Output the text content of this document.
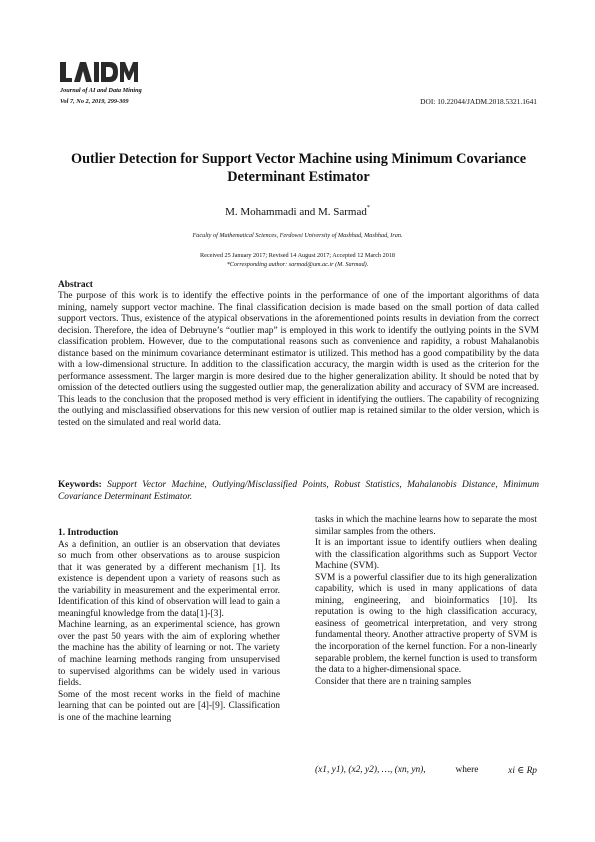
Journal of AI and Data Mining
Vol 7, No 2, 2019, 299-309	DOI: 10.22044/JADM.2018.5321.1641
Outlier Detection for Support Vector Machine using Minimum Covariance
Determinant Estimator
M. Mohammadi and M. Sarmad*
Faculty of Mathematical Sciences, Ferdowsi University of Mashhad, Mashhad, Iran.
Received 25 January 2017; Revised 14 August 2017; Accepted 12 March 2018
*Corresponding author: sarmad@um.ac.ir (M. Sarmad).
Abstract

The purpose of this work is to identify the effective points in the performance of one of the important algorithms of data mining, namely support vector machine. The final classification decision is made based on the small portion of data called support vectors. Thus, existence of the atypical observations in the aforementioned points results in deviation from the correct decision. Therefore, the idea of Debruyne’s “outlier map” is employed in this work to identify the outlying points in the SVM classification problem. However, due to the computational reasons such as convenience and rapidity, a robust Mahalanobis distance based on the minimum covariance determinant estimator is utilized. This method has a good compatibility by the data with a low-dimensional structure. In addition to the classification accuracy, the margin width is used as the criterion for the performance assessment. The larger margin is more desired due to the higher generalization ability. It should be noted that by omission of the detected outliers using the suggested outlier map, the generalization ability and accuracy of SVM are increased. This leads to the conclusion that the proposed method is very efficient in identifying the outliers. The capability of recognizing the outlying and misclassified observations for this new version of outlier map is retained similar to the older version, which is tested on the simulated and real world data.

Keywords: Support Vector Machine, Outlying/Misclassified Points, Robust Statistics, Mahalanobis Distance, Minimum Covariance Determinant Estimator.

1. Introduction

As a definition, an outlier is an observation that deviates so much from other observations as to arouse suspicion that it was generated by a different mechanism [1]. Its existence is dependent upon a variety of reasons such as the variability in measurement and the experimental error. Identification of this kind of observation will lead to gain a meaningful knowledge from the data[1]-[3].

Machine learning, as an experimental science, has grown over the past 50 years with the aim of exploring whether the machine has the ability of learning or not. The variety of machine learning methods ranging from unsupervised to supervised algorithms can be widely used in various fields.

Some of the most recent works in the field of machine learning that can be pointed out are [4]-[9]. Classification is one of the machine learning

tasks in which the machine learns how to separate the most similar samples from the others.

It is an important issue to identify outliers when dealing with the classification algorithms such as Support Vector Machine (SVM).

SVM is a powerful classifier due to its high generalization capability, which is used in many applications of data mining, engineering, and bioinformatics [10]. Its reputation is owing to the high classification accuracy, easiness of geometrical interpretation, and very strong fundamental theory. Another attractive property of SVM is the incorporation of the kernel function. For a non-linearly separable problem, the kernel function is used to transform the data to a higher-dimensional space.

Consider that there are n training samples

(x1, y1), (x2, y2), …, (xn, yn),	where	xi ∈ Rp
